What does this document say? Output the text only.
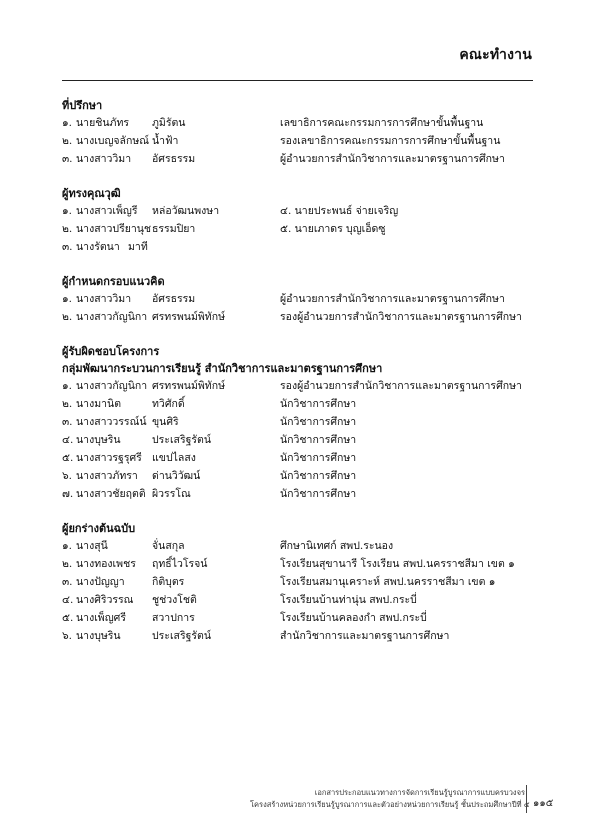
คณะทำงาน
ที่ปรึกษา
๑. นายชินภัทร ภูมิรัตน	เลขาธิการคณะกรรมการการศึกษาขั้นพื้นฐาน
๒. นางเบญจลักษณ์ น้ำฟ้า	รองเลขาธิการคณะกรรมการการศึกษาขั้นพื้นฐาน
๓. นางสาววิมา อัศรธรรม	ผู้อำนวยการสำนักวิชาการและมาตรฐานการศึกษา
ผู้ทรงคุณวุฒิ
๑. นางสาวเพ็ญรี หล่อวัฒนพงษา	๔. นายประพนธ์ จ่ายเจริญ
๒. นางสาวปรียานุช ธรรมปิยา	๕. นายเภาดร บุญเอ็ดซู
๓. นางรัตนา มาที
ผู้กำหนดกรอบแนวคิด
๑. นางสาววิมา อัศรธรรม	ผู้อำนวยการสำนักวิชาการและมาตรฐานการศึกษา
๒. นางสาวกัญนิกา ศรทรพนม์พิทักษ์	รองผู้อำนวยการสำนักวิชาการและมาตรฐานการศึกษา
ผู้รับผิดชอบโครงการ
กลุ่มพัฒนากระบวนการเรียนรู้ สำนักวิชาการและมาตรฐานการศึกษา
๑. นางสาวกัญนิกา ศรทรพนม์พิทักษ์	รองผู้อำนวยการสำนักวิชาการและมาตรฐานการศึกษา
๒. นางมานิต	ทวิศักดิ์	นักวิชาการศึกษา
๓. นางสาววรรณ์น์ ขุนศิริ	นักวิชาการศึกษา
๔. นางบุษริน	ประเสริฐรัตน์	นักวิชาการศึกษา
๕. นางสาวรฐรุศรี แขปไลสง	นักวิชาการศึกษา
๖. นางสาวภัทรา ด่านวิวัฒน์	นักวิชาการศึกษา
๗. นางสาวชัยฤตติ ผิวรรโณ	นักวิชาการศึกษา
ผู้ยกร่างต้นฉบับ
๑. นางสุนี	จั่นสกุล	ศึกษานิเทศก์ สพป.ระนอง
๒. นางทองเพชร ฤทธิ์ไวโรจน์	โรงเรียนสุขานารี โรงเรียน สพป.นครราชสีมา เขต ๑
๓. นางปัญญา	กิติบุตร	โรงเรียนสมานุเคราะห์ สพป.นครราชสีมา เขต ๑
๔. นางศิริวรรณ ชูช่วงโชติ	โรงเรียนบ้านท่านุ่น สพป.กระบี่
๕. นางเพ็ญศรี สวาปการ	โรงเรียนบ้านคลองกำ สพป.กระบี่
๖. นางบุษริน	ประเสริฐรัตน์	สำนักวิชาการและมาตรฐานการศึกษา
เอกสารประกอบแนวทางการจัดการเรียนรู้บูรณาการแบบครบวงจร
โครงสร้างหน่วยการเรียนรู้บูรณาการและตัวอย่างหน่วยการเรียนรู้ ชั้นประถมศึกษาปีที่ ๕ ๑๑๕
